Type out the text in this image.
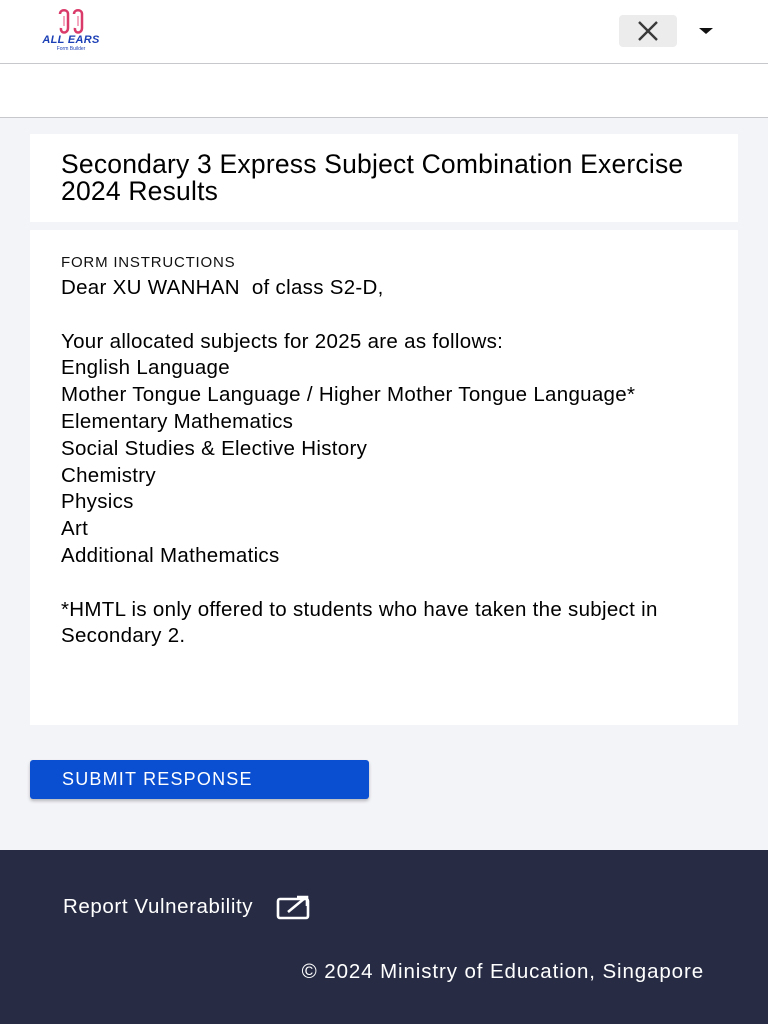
ALL EARS
Form Builder
Secondary 3 Express Subject Combination Exercise 2024 Results
FORM INSTRUCTIONS
Dear XU WANHAN  of class S2-D,
Your allocated subjects for 2025 are as follows:
English Language
Mother Tongue Language / Higher Mother Tongue Language*
Elementary Mathematics
Social Studies & Elective History
Chemistry
Physics
Art
Additional Mathematics
*HMTL is only offered to students who have taken the subject in Secondary 2.
SUBMIT RESPONSE
Report Vulnerability
© 2024 Ministry of Education, Singapore
